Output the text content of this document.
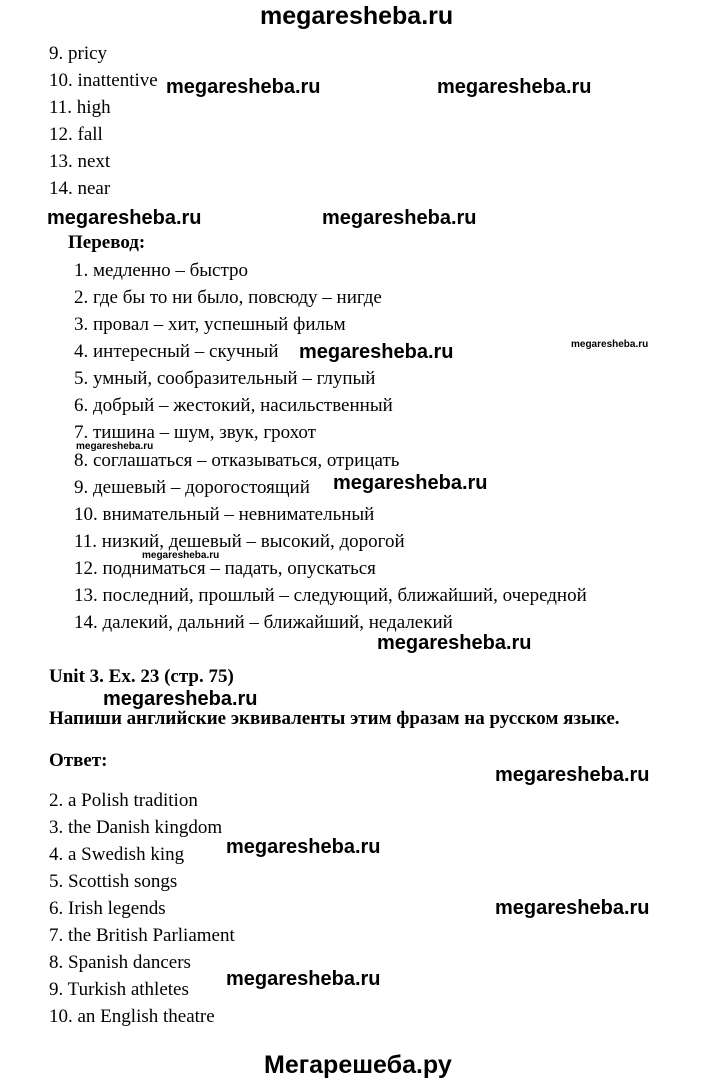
megaresheba.ru
9. pricy
10. inattentive
11. high
12. fall
13. next
14. near
Перевод:
1. медленно – быстро
2. где бы то ни было, повсюду – нигде
3. провал – хит, успешный фильм
4. интересный – скучный
5. умный, сообразительный – глупый
6. добрый – жестокий, насильственный
7. тишина – шум, звук, грохот
8. соглашаться – отказываться, отрицать
9. дешевый – дорогостоящий
10. внимательный – невнимательный
11. низкий, дешевый – высокий, дорогой
12. подниматься – падать, опускаться
13. последний, прошлый – следующий, ближайший, очередной
14. далекий, дальний – ближайший, недалекий
Unit 3. Ex. 23 (стр. 75)
Напиши английские эквиваленты этим фразам на русском языке.
Ответ:
2. a Polish tradition
3. the Danish kingdom
4. a Swedish king
5. Scottish songs
6. Irish legends
7. the British Parliament
8. Spanish dancers
9. Turkish athletes
10. an English theatre
megaresheba.ru	megaresheba.ru
megaresheba.ru	megaresheba.ru
megaresheba.ru	megaresheba.ru
megaresheba.ru
megaresheba.ru
megaresheba.ru
megaresheba.ru
megaresheba.ru
megaresheba.ru
megaresheba.ru
megaresheba.ru
megaresheba.ru
Мегарешеба.ру
